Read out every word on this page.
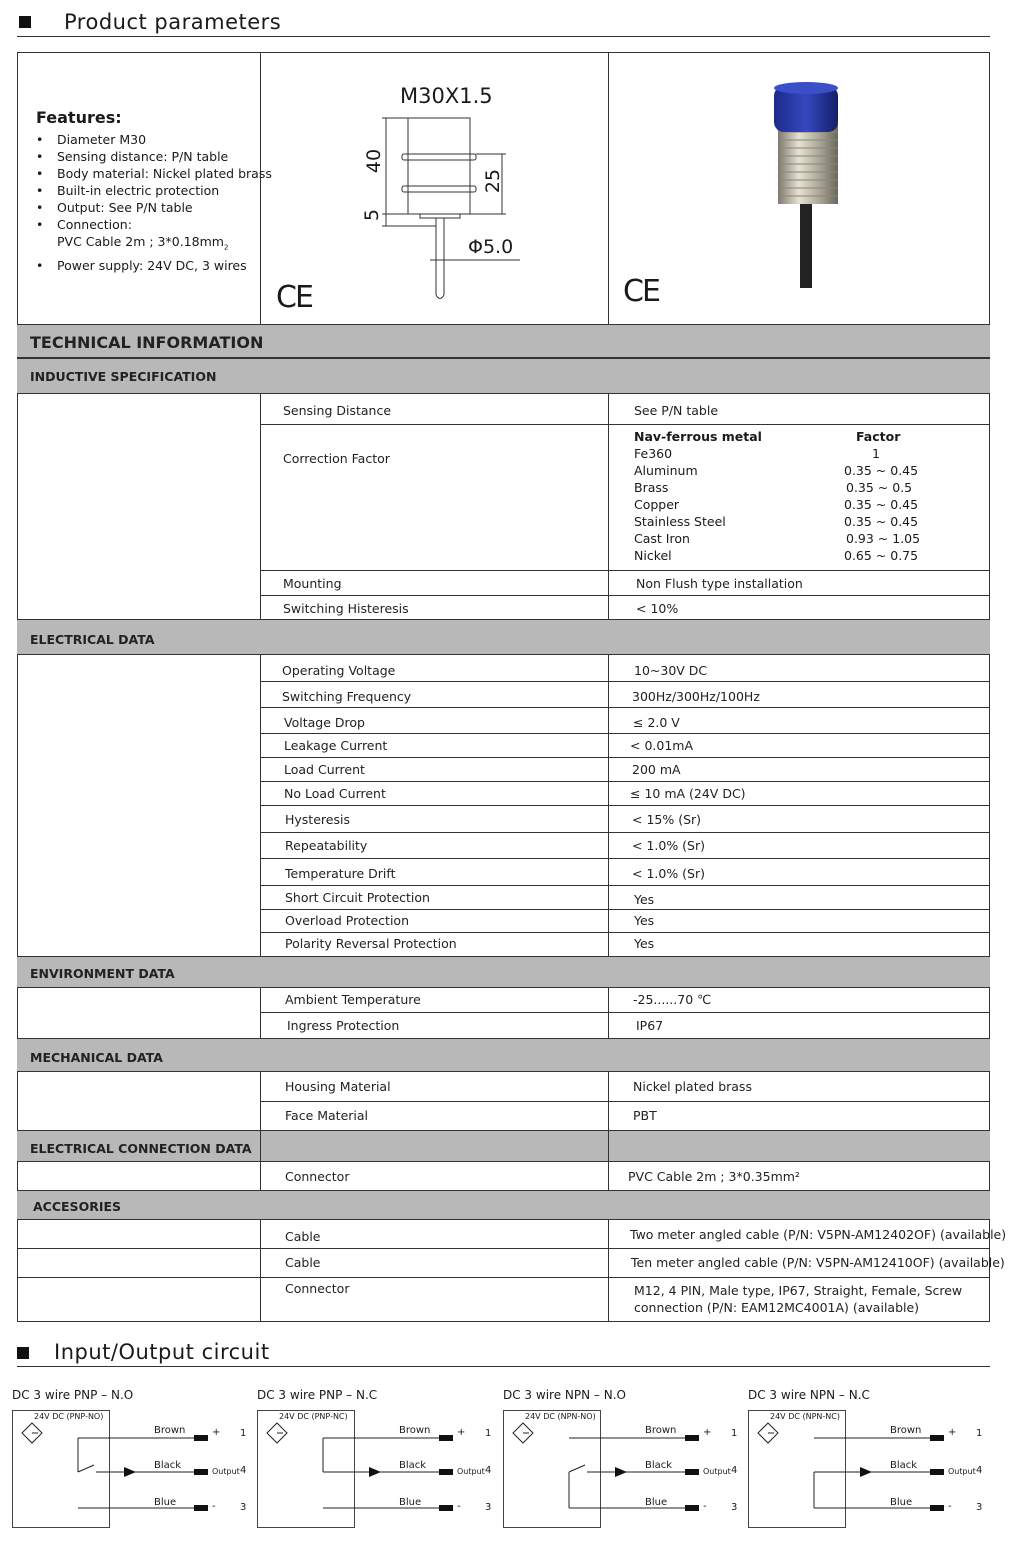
Product parameters
Features:
• Diameter M30
• Sensing distance: P/N table
• Body material: Nickel plated brass
• Built-in electric protection
• Output: See P/N table
• Connection:
PVC Cable 2m ; $3*0.18mm_2$
• Power supply: 24V DC, 3 wires
M30X1.5
40
25
5
Φ5.0
CE	CE
TECHNICAL INFORMATION
INDUCTIVE SPECIFICATION
Sensing Distance	See P/N table
Correction Factor
Nav-ferrous metal	Factor
Fe360	1
Aluminum	0.35 ~ 0.45
Brass	0.35 ~ 0.5
Copper	0.35 ~ 0.45
Stainless Steel	0.35 ~ 0.45
Cast Iron	0.93 ~ 1.05
Nickel	0.65 ~ 0.75
Mounting	Non Flush type installation
Switching Histeresis	< 10%
ELECTRICAL DATA
Operating Voltage	10~30V DC
Switching Frequency	300Hz/300Hz/100Hz
Voltage Drop	≤ 2.0 V
Leakage Current	< 0.01mA
Load Current	200 mA
No Load Current	≤ 10 mA (24V DC)
Hysteresis	< 15% (Sr)
Repeatability	< 1.0% (Sr)
Temperature Drift	< 1.0% (Sr)
Short Circuit Protection	Yes
Overload Protection	Yes
Polarity Reversal Protection	Yes
ENVIRONMENT DATA
Ambient Temperature	-25......70 ℃
Ingress Protection	IP67
MECHANICAL DATA
Housing Material	Nickel plated brass
Face Material	PBT
ELECTRICAL CONNECTION DATA
Connector	PVC Cable 2m ; 3*0.35mm²
ACCESORIES
Cable	Two meter angled cable (P/N: V5PN-AM12402OF) (available)
Cable	Ten meter angled cable (P/N: V5PN-AM12410OF) (available)
Connector	M12, 4 PIN, Male type, IP67, Straight, Female, Screw
connection (P/N: EAM12MC4001A) (available)
Input/Output circuit
DC 3 wire PNP – N.O
24V DC (PNP-NO)
Brown
Black
Blue
+
Output
-
1
4
3
DC 3 wire PNP – N.C
24V DC (PNP-NC)
Brown
Black
Blue
+
Output
-
1
4
3
DC 3 wire NPN – N.O
24V DC (NPN-NO)
Brown
Black
Blue
+
Output
-
1
4
3
DC 3 wire NPN – N.C
24V DC (NPN-NC)
Brown
Black
Blue
+
Output
-
1
4
3
